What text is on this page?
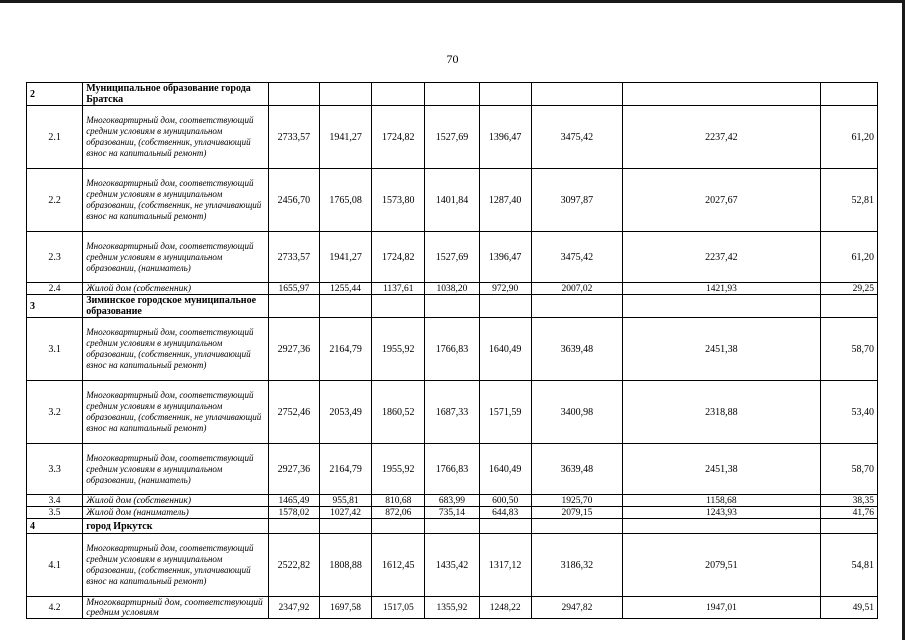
70
2	Муниципальное образование города Братска								
2.1	Многоквартирный дом, соответствующий средним условиям в муниципальном образовании, (собственник, уплачивающий взнос на капитальный ремонт)	2733,57	1941,27	1724,82	1527,69	1396,47	3475,42	2237,42	61,20
2.2	Многоквартирный дом, соответствующий средним условиям в муниципальном образовании, (собственник, не уплачивающий взнос на капитальный ремонт)	2456,70	1765,08	1573,80	1401,84	1287,40	3097,87	2027,67	52,81
2.3	Многоквартирный дом, соответствующий средним условиям в муниципальном образовании, (наниматель)	2733,57	1941,27	1724,82	1527,69	1396,47	3475,42	2237,42	61,20
2.4	Жилой дом (собственник)	1655,97	1255,44	1137,61	1038,20	972,90	2007,02	1421,93	29,25
3	Зиминское городское муниципальное образование								
3.1	Многоквартирный дом, соответствующий средним условиям в муниципальном образовании, (собственник, уплачивающий взнос на капитальный ремонт)	2927,36	2164,79	1955,92	1766,83	1640,49	3639,48	2451,38	58,70
3.2	Многоквартирный дом, соответствующий средним условиям в муниципальном образовании, (собственник, не уплачивающий взнос на капитальный ремонт)	2752,46	2053,49	1860,52	1687,33	1571,59	3400,98	2318,88	53,40
3.3	Многоквартирный дом, соответствующий средним условиям в муниципальном образовании, (наниматель)	2927,36	2164,79	1955,92	1766,83	1640,49	3639,48	2451,38	58,70
3.4	Жилой дом (собственник)	1465,49	955,81	810,68	683,99	600,50	1925,70	1158,68	38,35
3.5	Жилой дом (наниматель)	1578,02	1027,42	872,06	735,14	644,83	2079,15	1243,93	41,76
4	город Иркутск								
4.1	Многоквартирный дом, соответствующий средним условиям в муниципальном образовании, (собственник, уплачивающий взнос на капитальный ремонт)	2522,82	1808,88	1612,45	1435,42	1317,12	3186,32	2079,51	54,81
4.2	Многоквартирный дом, соответствующий средним условиям	2347,92	1697,58	1517,05	1355,92	1248,22	2947,82	1947,01	49,51
